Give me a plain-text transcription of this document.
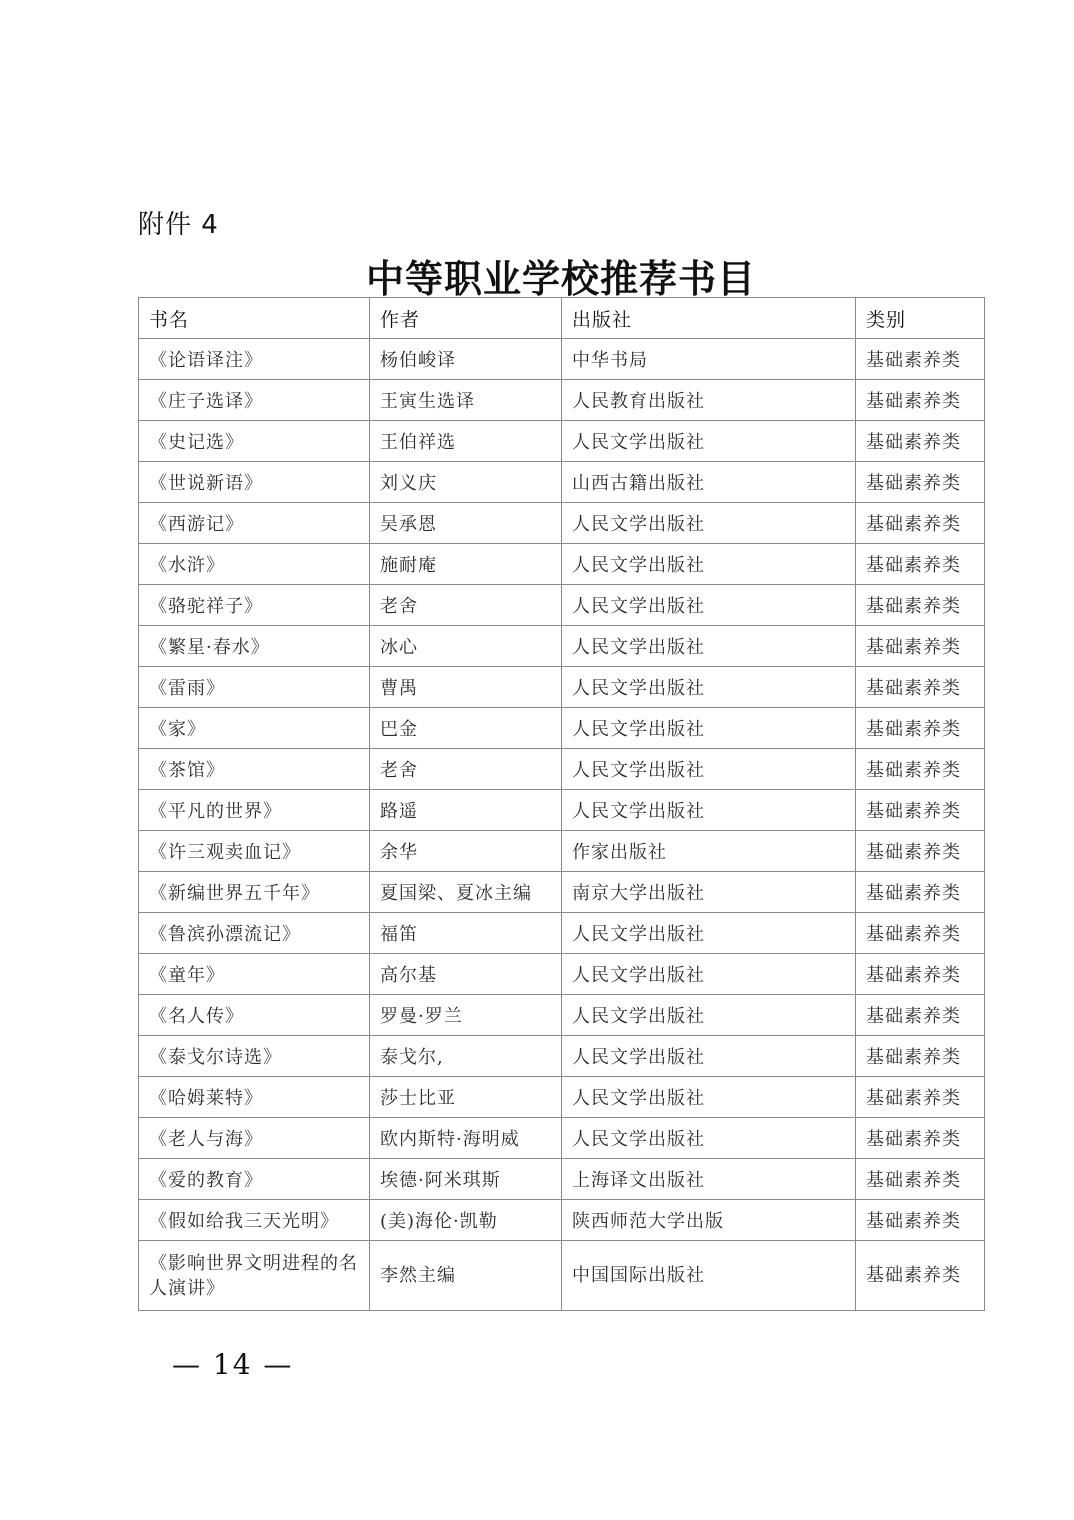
附件 4
中等职业学校推荐书目
书名	作者	出版社	类别
《论语译注》	杨伯峻译	中华书局	基础素养类
《庄子选译》	王寅生选译	人民教育出版社	基础素养类
《史记选》	王伯祥选	人民文学出版社	基础素养类
《世说新语》	刘义庆	山西古籍出版社	基础素养类
《西游记》	吴承恩	人民文学出版社	基础素养类
《水浒》	施耐庵	人民文学出版社	基础素养类
《骆驼祥子》	老舍	人民文学出版社	基础素养类
《繁星·春水》	冰心	人民文学出版社	基础素养类
《雷雨》	曹禺	人民文学出版社	基础素养类
《家》	巴金	人民文学出版社	基础素养类
《茶馆》	老舍	人民文学出版社	基础素养类
《平凡的世界》	路遥	人民文学出版社	基础素养类
《许三观卖血记》	余华	作家出版社	基础素养类
《新编世界五千年》	夏国梁、夏冰主编	南京大学出版社	基础素养类
《鲁滨孙漂流记》	福笛	人民文学出版社	基础素养类
《童年》	高尔基	人民文学出版社	基础素养类
《名人传》	罗曼·罗兰	人民文学出版社	基础素养类
《泰戈尔诗选》	泰戈尔,	人民文学出版社	基础素养类
《哈姆莱特》	莎士比亚	人民文学出版社	基础素养类
《老人与海》	欧内斯特·海明威	人民文学出版社	基础素养类
《爱的教育》	埃德·阿米琪斯	上海译文出版社	基础素养类
《假如给我三天光明》	(美)海伦·凯勒	陕西师范大学出版	基础素养类
《影响世界文明进程的名人演讲》	李然主编	中国国际出版社	基础素养类
— 14 —
